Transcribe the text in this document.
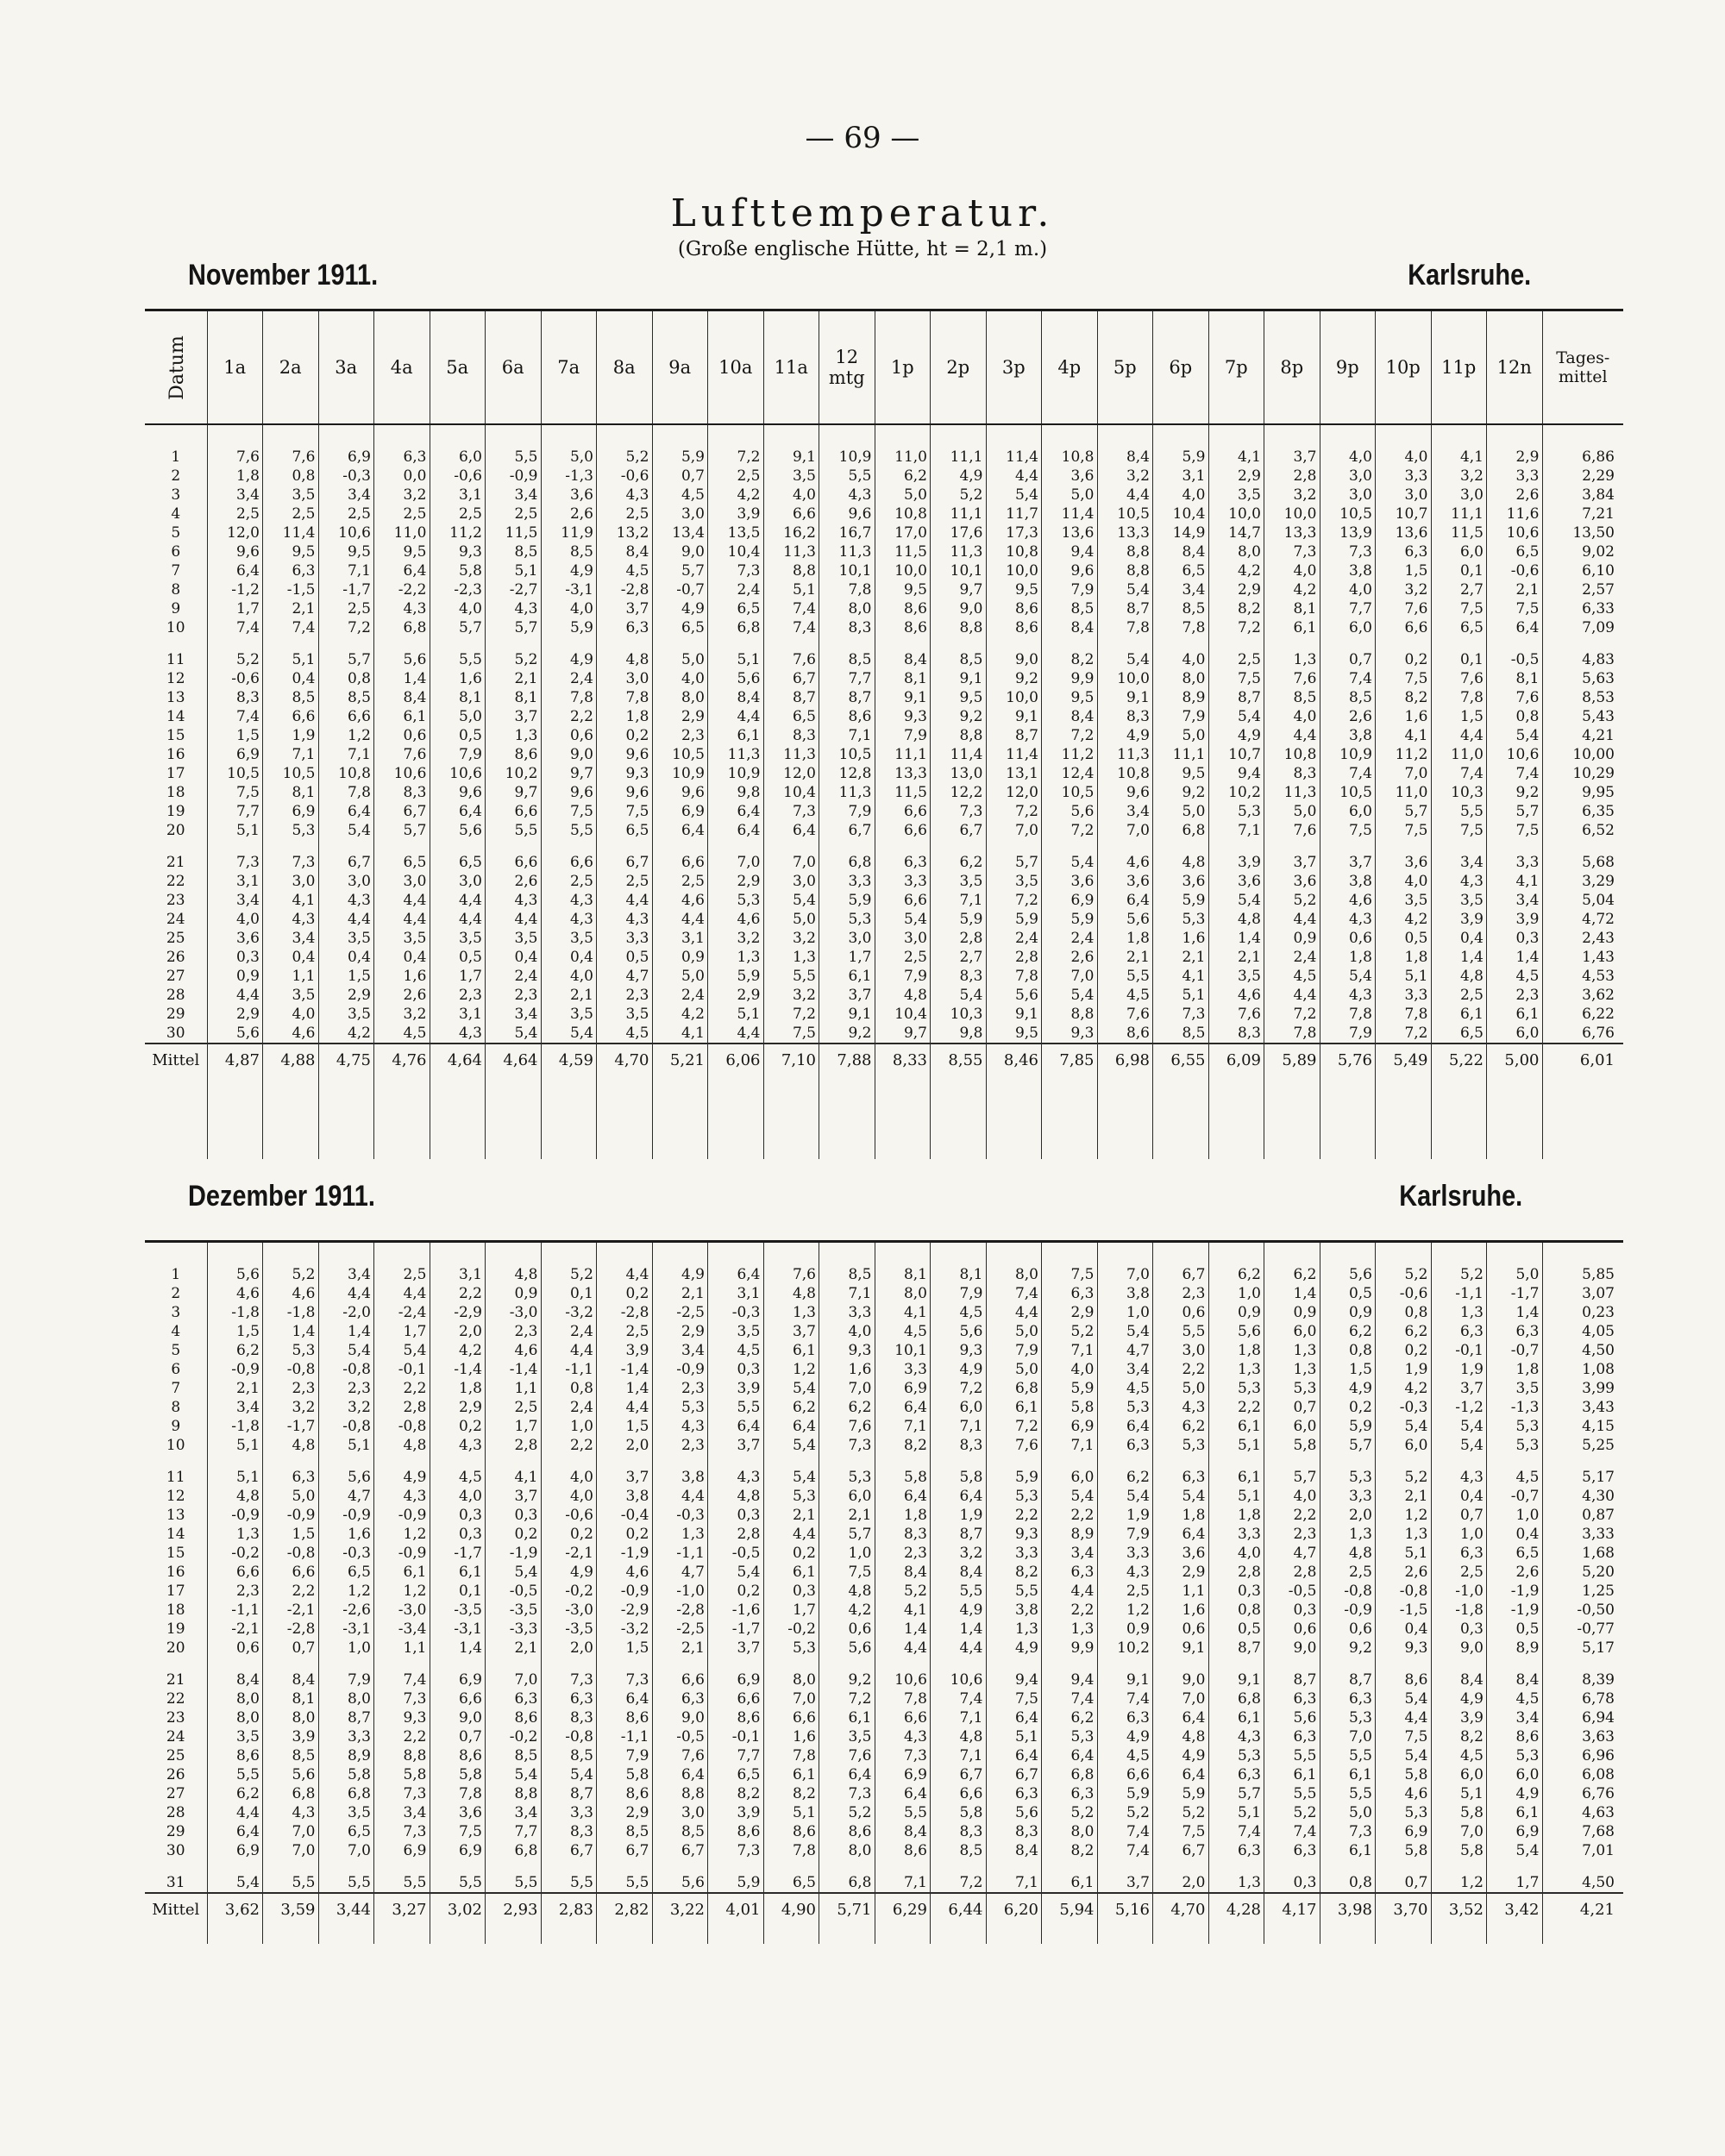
— 69 —
Lufttemperatur.
(Große englische Hütte, ht = 2,1 m.)
November 1911.	Karlsruhe.
Datum	1a	2a	3a	4a	5a	6a	7a	8a	9a	10a	11a	12 mtg	1p	2p	3p	4p	5p	6p	7p	8p	9p	10p	11p	12n	Tages-mittel

1	7,6	7,6	6,9	6,3	6,0	5,5	5,0	5,2	5,9	7,2	9,1	10,9	11,0	11,1	11,4	10,8	8,4	5,9	4,1	3,7	4,0	4,0	4,1	2,9	6,86
2	1,8	0,8	-0,3	0,0	-0,6	-0,9	-1,3	-0,6	0,7	2,5	3,5	5,5	6,2	4,9	4,4	3,6	3,2	3,1	2,9	2,8	3,0	3,3	3,2	3,3	2,29
3	3,4	3,5	3,4	3,2	3,1	3,4	3,6	4,3	4,5	4,2	4,0	4,3	5,0	5,2	5,4	5,0	4,4	4,0	3,5	3,2	3,0	3,0	3,0	2,6	3,84
4	2,5	2,5	2,5	2,5	2,5	2,5	2,6	2,5	3,0	3,9	6,6	9,6	10,8	11,1	11,7	11,4	10,5	10,4	10,0	10,0	10,5	10,7	11,1	11,6	7,21
5	12,0	11,4	10,6	11,0	11,2	11,5	11,9	13,2	13,4	13,5	16,2	16,7	17,0	17,6	17,3	13,6	13,3	14,9	14,7	13,3	13,9	13,6	11,5	10,6	13,50
6	9,6	9,5	9,5	9,5	9,3	8,5	8,5	8,4	9,0	10,4	11,3	11,3	11,5	11,3	10,8	9,4	8,8	8,4	8,0	7,3	7,3	6,3	6,0	6,5	9,02
7	6,4	6,3	7,1	6,4	5,8	5,1	4,9	4,5	5,7	7,3	8,8	10,1	10,0	10,1	10,0	9,6	8,8	6,5	4,2	4,0	3,8	1,5	0,1	-0,6	6,10
8	-1,2	-1,5	-1,7	-2,2	-2,3	-2,7	-3,1	-2,8	-0,7	2,4	5,1	7,8	9,5	9,7	9,5	7,9	5,4	3,4	2,9	4,2	4,0	3,2	2,7	2,1	2,57
9	1,7	2,1	2,5	4,3	4,0	4,3	4,0	3,7	4,9	6,5	7,4	8,0	8,6	9,0	8,6	8,5	8,7	8,5	8,2	8,1	7,7	7,6	7,5	7,5	6,33
10	7,4	7,4	7,2	6,8	5,7	5,7	5,9	6,3	6,5	6,8	7,4	8,3	8,6	8,8	8,6	8,4	7,8	7,8	7,2	6,1	6,0	6,6	6,5	6,4	7,09
11	5,2	5,1	5,7	5,6	5,5	5,2	4,9	4,8	5,0	5,1	7,6	8,5	8,4	8,5	9,0	8,2	5,4	4,0	2,5	1,3	0,7	0,2	0,1	-0,5	4,83
12	-0,6	0,4	0,8	1,4	1,6	2,1	2,4	3,0	4,0	5,6	6,7	7,7	8,1	9,1	9,2	9,9	10,0	8,0	7,5	7,6	7,4	7,5	7,6	8,1	5,63
13	8,3	8,5	8,5	8,4	8,1	8,1	7,8	7,8	8,0	8,4	8,7	8,7	9,1	9,5	10,0	9,5	9,1	8,9	8,7	8,5	8,5	8,2	7,8	7,6	8,53
14	7,4	6,6	6,6	6,1	5,0	3,7	2,2	1,8	2,9	4,4	6,5	8,6	9,3	9,2	9,1	8,4	8,3	7,9	5,4	4,0	2,6	1,6	1,5	0,8	5,43
15	1,5	1,9	1,2	0,6	0,5	1,3	0,6	0,2	2,3	6,1	8,3	7,1	7,9	8,8	8,7	7,2	4,9	5,0	4,9	4,4	3,8	4,1	4,4	5,4	4,21
16	6,9	7,1	7,1	7,6	7,9	8,6	9,0	9,6	10,5	11,3	11,3	10,5	11,1	11,4	11,4	11,2	11,3	11,1	10,7	10,8	10,9	11,2	11,0	10,6	10,00
17	10,5	10,5	10,8	10,6	10,6	10,2	9,7	9,3	10,9	10,9	12,0	12,8	13,3	13,0	13,1	12,4	10,8	9,5	9,4	8,3	7,4	7,0	7,4	7,4	10,29
18	7,5	8,1	7,8	8,3	9,6	9,7	9,6	9,6	9,6	9,8	10,4	11,3	11,5	12,2	12,0	10,5	9,6	9,2	10,2	11,3	10,5	11,0	10,3	9,2	9,95
19	7,7	6,9	6,4	6,7	6,4	6,6	7,5	7,5	6,9	6,4	7,3	7,9	6,6	7,3	7,2	5,6	3,4	5,0	5,3	5,0	6,0	5,7	5,5	5,7	6,35
20	5,1	5,3	5,4	5,7	5,6	5,5	5,5	6,5	6,4	6,4	6,4	6,7	6,6	6,7	7,0	7,2	7,0	6,8	7,1	7,6	7,5	7,5	7,5	7,5	6,52
21	7,3	7,3	6,7	6,5	6,5	6,6	6,6	6,7	6,6	7,0	7,0	6,8	6,3	6,2	5,7	5,4	4,6	4,8	3,9	3,7	3,7	3,6	3,4	3,3	5,68
22	3,1	3,0	3,0	3,0	3,0	2,6	2,5	2,5	2,5	2,9	3,0	3,3	3,3	3,5	3,5	3,6	3,6	3,6	3,6	3,6	3,8	4,0	4,3	4,1	3,29
23	3,4	4,1	4,3	4,4	4,4	4,3	4,3	4,4	4,6	5,3	5,4	5,9	6,6	7,1	7,2	6,9	6,4	5,9	5,4	5,2	4,6	3,5	3,5	3,4	5,04
24	4,0	4,3	4,4	4,4	4,4	4,4	4,3	4,3	4,4	4,6	5,0	5,3	5,4	5,9	5,9	5,9	5,6	5,3	4,8	4,4	4,3	4,2	3,9	3,9	4,72
25	3,6	3,4	3,5	3,5	3,5	3,5	3,5	3,3	3,1	3,2	3,2	3,0	3,0	2,8	2,4	2,4	1,8	1,6	1,4	0,9	0,6	0,5	0,4	0,3	2,43
26	0,3	0,4	0,4	0,4	0,5	0,4	0,4	0,5	0,9	1,3	1,3	1,7	2,5	2,7	2,8	2,6	2,1	2,1	2,1	2,4	1,8	1,8	1,4	1,4	1,43
27	0,9	1,1	1,5	1,6	1,7	2,4	4,0	4,7	5,0	5,9	5,5	6,1	7,9	8,3	7,8	7,0	5,5	4,1	3,5	4,5	5,4	5,1	4,8	4,5	4,53
28	4,4	3,5	2,9	2,6	2,3	2,3	2,1	2,3	2,4	2,9	3,2	3,7	4,8	5,4	5,6	5,4	4,5	5,1	4,6	4,4	4,3	3,3	2,5	2,3	3,62
29	2,9	4,0	3,5	3,2	3,1	3,4	3,5	3,5	4,2	5,1	7,2	9,1	10,4	10,3	9,1	8,8	7,6	7,3	7,6	7,2	7,8	7,8	6,1	6,1	6,22
30	5,6	4,6	4,2	4,5	4,3	5,4	5,4	4,5	4,1	4,4	7,5	9,2	9,7	9,8	9,5	9,3	8,6	8,5	8,3	7,8	7,9	7,2	6,5	6,0	6,76
Mittel	4,87	4,88	4,75	4,76	4,64	4,64	4,59	4,70	5,21	6,06	7,10	7,88	8,33	8,55	8,46	7,85	6,98	6,55	6,09	5,89	5,76	5,49	5,22	5,00	6,01

Dezember 1911.	Karlsruhe.

1	5,6	5,2	3,4	2,5	3,1	4,8	5,2	4,4	4,9	6,4	7,6	8,5	8,1	8,1	8,0	7,5	7,0	6,7	6,2	6,2	5,6	5,2	5,2	5,0	5,85
2	4,6	4,6	4,4	4,4	2,2	0,9	0,1	0,2	2,1	3,1	4,8	7,1	8,0	7,9	7,4	6,3	3,8	2,3	1,0	1,4	0,5	-0,6	-1,1	-1,7	3,07
3	-1,8	-1,8	-2,0	-2,4	-2,9	-3,0	-3,2	-2,8	-2,5	-0,3	1,3	3,3	4,1	4,5	4,4	2,9	1,0	0,6	0,9	0,9	0,9	0,8	1,3	1,4	0,23
4	1,5	1,4	1,4	1,7	2,0	2,3	2,4	2,5	2,9	3,5	3,7	4,0	4,5	5,6	5,0	5,2	5,4	5,5	5,6	6,0	6,2	6,2	6,3	6,3	4,05
5	6,2	5,3	5,4	5,4	4,2	4,6	4,4	3,9	3,4	4,5	6,1	9,3	10,1	9,3	7,9	7,1	4,7	3,0	1,8	1,3	0,8	0,2	-0,1	-0,7	4,50
6	-0,9	-0,8	-0,8	-0,1	-1,4	-1,4	-1,1	-1,4	-0,9	0,3	1,2	1,6	3,3	4,9	5,0	4,0	3,4	2,2	1,3	1,3	1,5	1,9	1,9	1,8	1,08
7	2,1	2,3	2,3	2,2	1,8	1,1	0,8	1,4	2,3	3,9	5,4	7,0	6,9	7,2	6,8	5,9	4,5	5,0	5,3	5,3	4,9	4,2	3,7	3,5	3,99
8	3,4	3,2	3,2	2,8	2,9	2,5	2,4	4,4	5,3	5,5	6,2	6,2	6,4	6,0	6,1	5,8	5,3	4,3	2,2	0,7	0,2	-0,3	-1,2	-1,3	3,43
9	-1,8	-1,7	-0,8	-0,8	0,2	1,7	1,0	1,5	4,3	6,4	6,4	7,6	7,1	7,1	7,2	6,9	6,4	6,2	6,1	6,0	5,9	5,4	5,4	5,3	4,15
10	5,1	4,8	5,1	4,8	4,3	2,8	2,2	2,0	2,3	3,7	5,4	7,3	8,2	8,3	7,6	7,1	6,3	5,3	5,1	5,8	5,7	6,0	5,4	5,3	5,25
11	5,1	6,3	5,6	4,9	4,5	4,1	4,0	3,7	3,8	4,3	5,4	5,3	5,8	5,8	5,9	6,0	6,2	6,3	6,1	5,7	5,3	5,2	4,3	4,5	5,17
12	4,8	5,0	4,7	4,3	4,0	3,7	4,0	3,8	4,4	4,8	5,3	6,0	6,4	6,4	5,3	5,4	5,4	5,4	5,1	4,0	3,3	2,1	0,4	-0,7	4,30
13	-0,9	-0,9	-0,9	-0,9	0,3	0,3	-0,6	-0,4	-0,3	0,3	2,1	2,1	1,8	1,9	2,2	2,2	1,9	1,8	1,8	2,2	2,0	1,2	0,7	1,0	0,87
14	1,3	1,5	1,6	1,2	0,3	0,2	0,2	0,2	1,3	2,8	4,4	5,7	8,3	8,7	9,3	8,9	7,9	6,4	3,3	2,3	1,3	1,3	1,0	0,4	3,33
15	-0,2	-0,8	-0,3	-0,9	-1,7	-1,9	-2,1	-1,9	-1,1	-0,5	0,2	1,0	2,3	3,2	3,3	3,4	3,3	3,6	4,0	4,7	4,8	5,1	6,3	6,5	1,68
16	6,6	6,6	6,5	6,1	6,1	5,4	4,9	4,6	4,7	5,4	6,1	7,5	8,4	8,4	8,2	6,3	4,3	2,9	2,8	2,8	2,5	2,6	2,5	2,6	5,20
17	2,3	2,2	1,2	1,2	0,1	-0,5	-0,2	-0,9	-1,0	0,2	0,3	4,8	5,2	5,5	5,5	4,4	2,5	1,1	0,3	-0,5	-0,8	-0,8	-1,0	-1,9	1,25
18	-1,1	-2,1	-2,6	-3,0	-3,5	-3,5	-3,0	-2,9	-2,8	-1,6	1,7	4,2	4,1	4,9	3,8	2,2	1,2	1,6	0,8	0,3	-0,9	-1,5	-1,8	-1,9	-0,50
19	-2,1	-2,8	-3,1	-3,4	-3,1	-3,3	-3,5	-3,2	-2,5	-1,7	-0,2	0,6	1,4	1,4	1,3	1,3	0,9	0,6	0,5	0,6	0,6	0,4	0,3	0,5	-0,77
20	0,6	0,7	1,0	1,1	1,4	2,1	2,0	1,5	2,1	3,7	5,3	5,6	4,4	4,4	4,9	9,9	10,2	9,1	8,7	9,0	9,2	9,3	9,0	8,9	5,17
21	8,4	8,4	7,9	7,4	6,9	7,0	7,3	7,3	6,6	6,9	8,0	9,2	10,6	10,6	9,4	9,4	9,1	9,0	9,1	8,7	8,7	8,6	8,4	8,4	8,39
22	8,0	8,1	8,0	7,3	6,6	6,3	6,3	6,4	6,3	6,6	7,0	7,2	7,8	7,4	7,5	7,4	7,4	7,0	6,8	6,3	6,3	5,4	4,9	4,5	6,78
23	8,0	8,0	8,7	9,3	9,0	8,6	8,3	8,6	9,0	8,6	6,6	6,1	6,6	7,1	6,4	6,2	6,3	6,4	6,1	5,6	5,3	4,4	3,9	3,4	6,94
24	3,5	3,9	3,3	2,2	0,7	-0,2	-0,8	-1,1	-0,5	-0,1	1,6	3,5	4,3	4,8	5,1	5,3	4,9	4,8	4,3	6,3	7,0	7,5	8,2	8,6	3,63
25	8,6	8,5	8,9	8,8	8,6	8,5	8,5	7,9	7,6	7,7	7,8	7,6	7,3	7,1	6,4	6,4	4,5	4,9	5,3	5,5	5,5	5,4	4,5	5,3	6,96
26	5,5	5,6	5,8	5,8	5,8	5,4	5,4	5,8	6,4	6,5	6,1	6,4	6,9	6,7	6,7	6,8	6,6	6,4	6,3	6,1	6,1	5,8	6,0	6,0	6,08
27	6,2	6,8	6,8	7,3	7,8	8,8	8,7	8,6	8,8	8,2	8,2	7,3	6,4	6,6	6,3	6,3	5,9	5,9	5,7	5,5	5,5	4,6	5,1	4,9	6,76
28	4,4	4,3	3,5	3,4	3,6	3,4	3,3	2,9	3,0	3,9	5,1	5,2	5,5	5,8	5,6	5,2	5,2	5,2	5,1	5,2	5,0	5,3	5,8	6,1	4,63
29	6,4	7,0	6,5	7,3	7,5	7,7	8,3	8,5	8,5	8,6	8,6	8,6	8,4	8,3	8,3	8,0	7,4	7,5	7,4	7,4	7,3	6,9	7,0	6,9	7,68
30	6,9	7,0	7,0	6,9	6,9	6,8	6,7	6,7	6,7	7,3	7,8	8,0	8,6	8,5	8,4	8,2	7,4	6,7	6,3	6,3	6,1	5,8	5,8	5,4	7,01
31	5,4	5,5	5,5	5,5	5,5	5,5	5,5	5,5	5,6	5,9	6,5	6,8	7,1	7,2	7,1	6,1	3,7	2,0	1,3	0,3	0,8	0,7	1,2	1,7	4,50
Mittel	3,62	3,59	3,44	3,27	3,02	2,93	2,83	2,82	3,22	4,01	4,90	5,71	6,29	6,44	6,20	5,94	5,16	4,70	4,28	4,17	3,98	3,70	3,52	3,42	4,21
